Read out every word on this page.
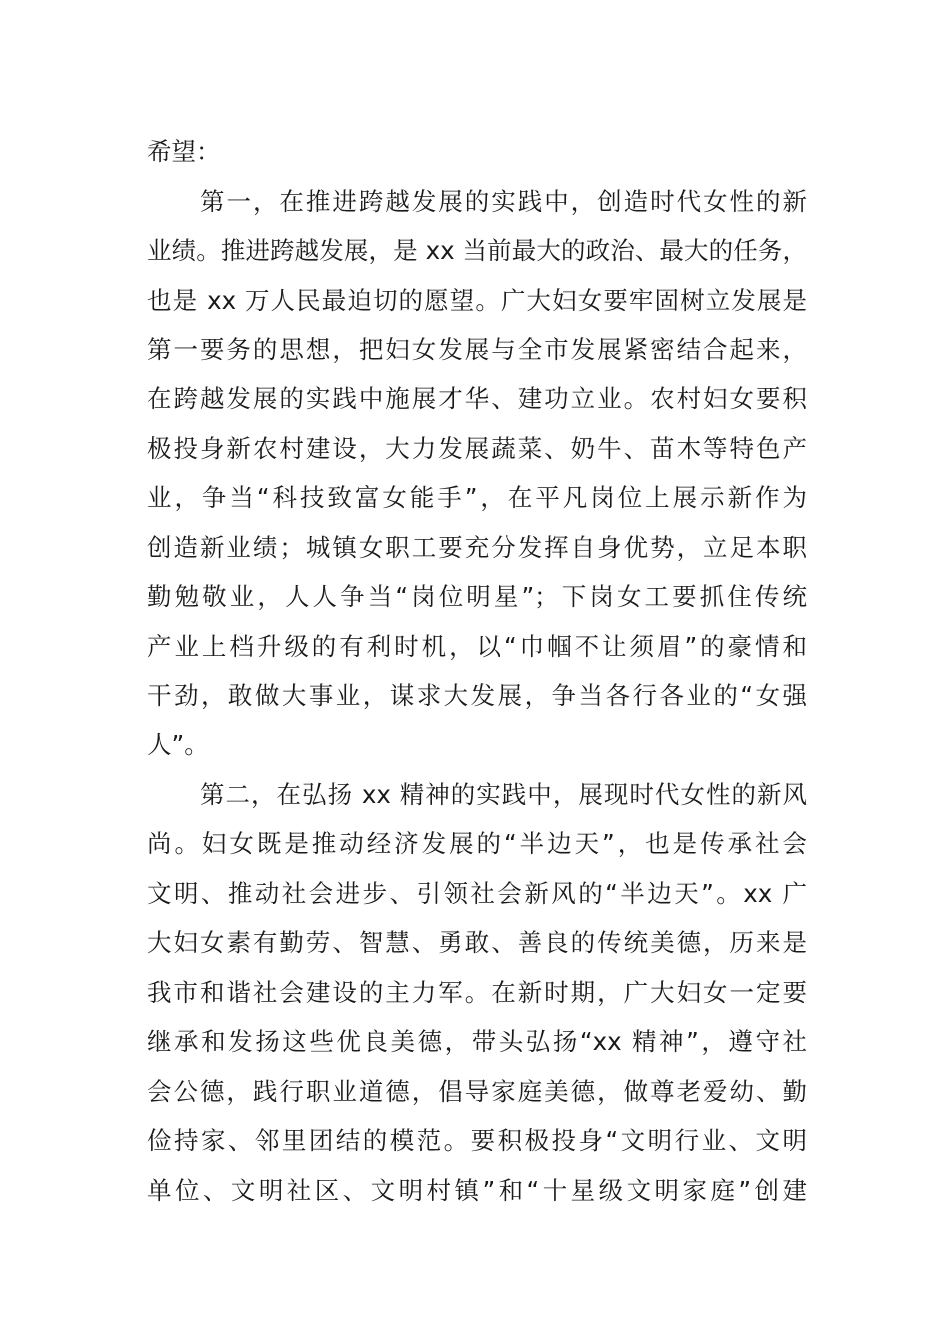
希望：
第一，在推进跨越发展的实践中，创造时代女性的新
业绩。推进跨越发展，是 xx 当前最大的政治、最大的任务，
也是 xx 万人民最迫切的愿望。广大妇女要牢固树立发展是
第一要务的思想，把妇女发展与全市发展紧密结合起来，
在跨越发展的实践中施展才华、建功立业。农村妇女要积
极投身新农村建设，大力发展蔬菜、奶牛、苗木等特色产
业，争当“科技致富女能手”，在平凡岗位上展示新作为
创造新业绩；城镇女职工要充分发挥自身优势，立足本职
勤勉敬业，人人争当“岗位明星”；下岗女工要抓住传统
产业上档升级的有利时机，以“巾帼不让须眉”的豪情和
干劲，敢做大事业，谋求大发展，争当各行各业的“女强
人”。
第二，在弘扬 xx 精神的实践中，展现时代女性的新风
尚。妇女既是推动经济发展的“半边天”，也是传承社会
文明、推动社会进步、引领社会新风的“半边天”。xx 广
大妇女素有勤劳、智慧、勇敢、善良的传统美德，历来是
我市和谐社会建设的主力军。在新时期，广大妇女一定要
继承和发扬这些优良美德，带头弘扬“xx 精神”，遵守社
会公德，践行职业道德，倡导家庭美德，做尊老爱幼、勤
俭持家、邻里团结的模范。要积极投身“文明行业、文明
单位、文明社区、文明村镇”和“十星级文明家庭”创建
